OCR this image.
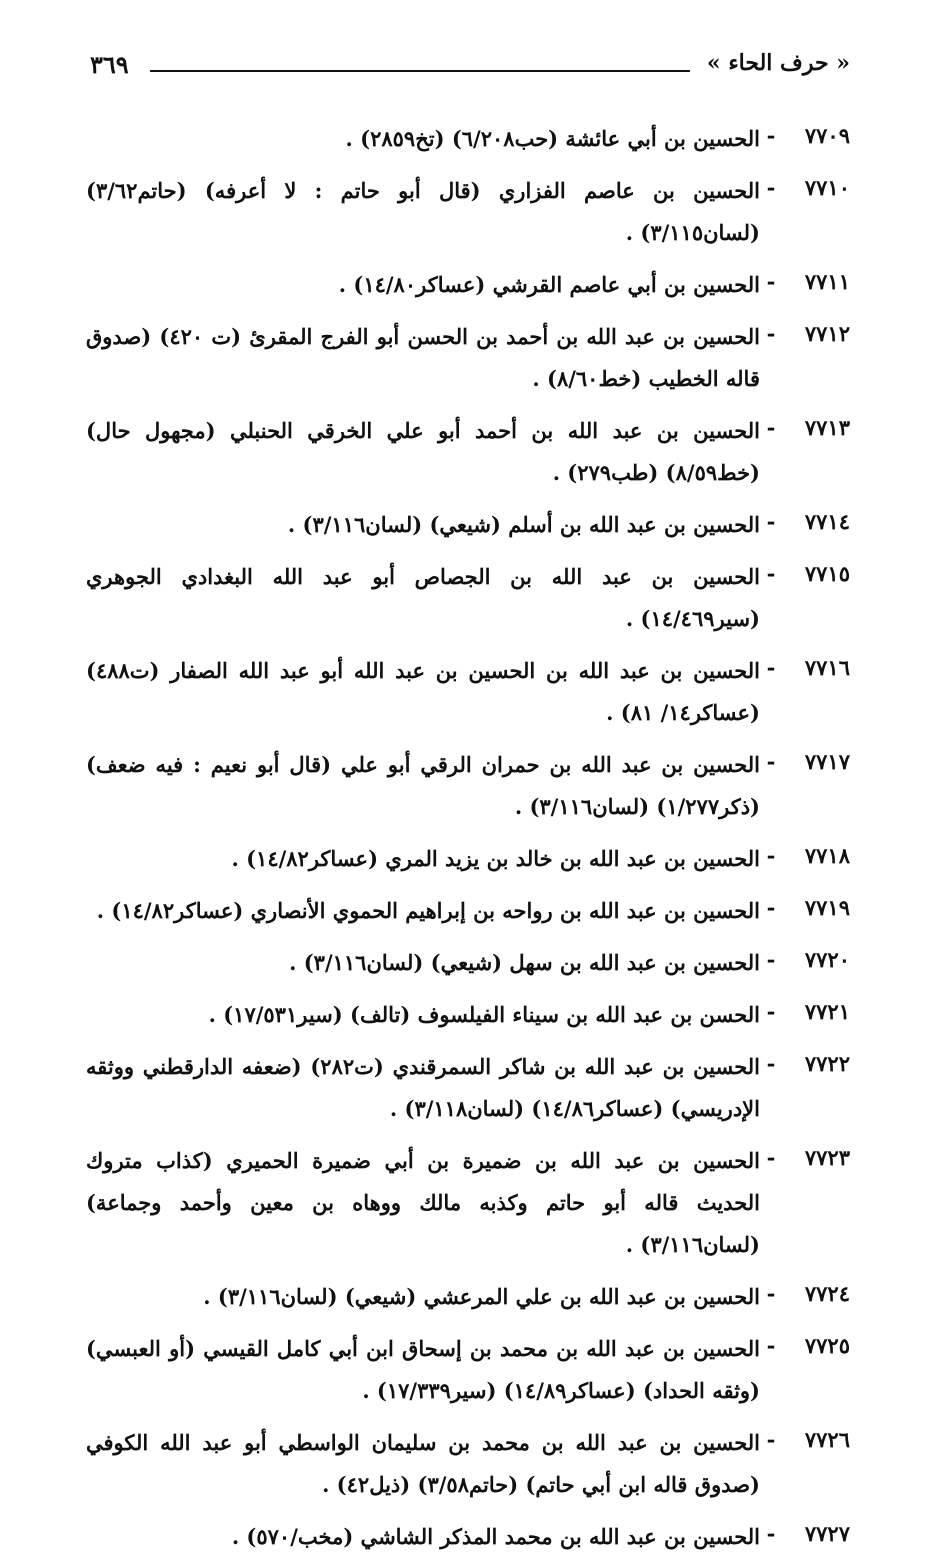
« حرف الحاء »
٣٦٩
٧٧٠٩
-
الحسين بن أبي عائشة (حب٦/٢٠٨) (تخ٢٨٥٩) .
٧٧١٠
-
الحسين بن عاصم الفزاري (قال أبو حاتم : لا أعرفه) (حاتم٣/٦٢) (لسان٣/١١٥) .
٧٧١١
-
الحسين بن أبي عاصم القرشي (عساكر١٤/٨٠) .
٧٧١٢
-
الحسين بن عبد الله بن أحمد بن الحسن أبو الفرج المقرئ (ت ٤٢٠) (صدوق قاله الخطيب (خط٨/٦٠) .
٧٧١٣
-
الحسين بن عبد الله بن أحمد أبو علي الخرقي الحنبلي (مجهول حال) (خط٨/٥٩) (طب٢٧٩) .
٧٧١٤
-
الحسين بن عبد الله بن أسلم (شيعي) (لسان٣/١١٦) .
٧٧١٥
-
الحسين بن عبد الله بن الجصاص أبو عبد الله البغدادي الجوهري (سير١٤/٤٦٩) .
٧٧١٦
-
الحسين بن عبد الله بن الحسين بن عبد الله أبو عبد الله الصفار (ت٤٨٨) (عساكر١٤/ ٨١) .
٧٧١٧
-
الحسين بن عبد الله بن حمران الرقي أبو علي (قال أبو نعيم : فيه ضعف) (ذكر١/٢٧٧) (لسان٣/١١٦) .
٧٧١٨
-
الحسين بن عبد الله بن خالد بن يزيد المري (عساكر١٤/٨٢) .
٧٧١٩
-
الحسين بن عبد الله بن رواحه بن إبراهيم الحموي الأنصاري (عساكر١٤/٨٢) .
٧٧٢٠
-
الحسين بن عبد الله بن سهل (شيعي) (لسان٣/١١٦) .
٧٧٢١
-
الحسن بن عبد الله بن سيناء الفيلسوف (تالف) (سير١٧/٥٣١) .
٧٧٢٢
-
الحسين بن عبد الله بن شاكر السمرقندي (ت٢٨٢) (ضعفه الدارقطني ووثقه الإدريسي) (عساكر١٤/٨٦) (لسان٣/١١٨) .
٧٧٢٣
-
الحسين بن عبد الله بن ضميرة بن أبي ضميرة الحميري (كذاب متروك الحديث قاله أبو حاتم وكذبه مالك ووهاه بن معين وأحمد وجماعة) (لسان٣/١١٦) .
٧٧٢٤
-
الحسين بن عبد الله بن علي المرعشي (شيعي) (لسان٣/١١٦) .
٧٧٢٥
-
الحسين بن عبد الله بن محمد بن إسحاق ابن أبي كامل القيسي (أو العبسي) (وثقه الحداد) (عساكر١٤/٨٩) (سير١٧/٣٣٩) .
٧٧٢٦
-
الحسين بن عبد الله بن محمد بن سليمان الواسطي أبو عبد الله الكوفي (صدوق قاله ابن أبي حاتم) (حاتم٣/٥٨) (ذيل٤٢) .
٧٧٢٧
-
الحسين بن عبد الله بن محمد المذكر الشاشي (مخب/٥٧٠) .
